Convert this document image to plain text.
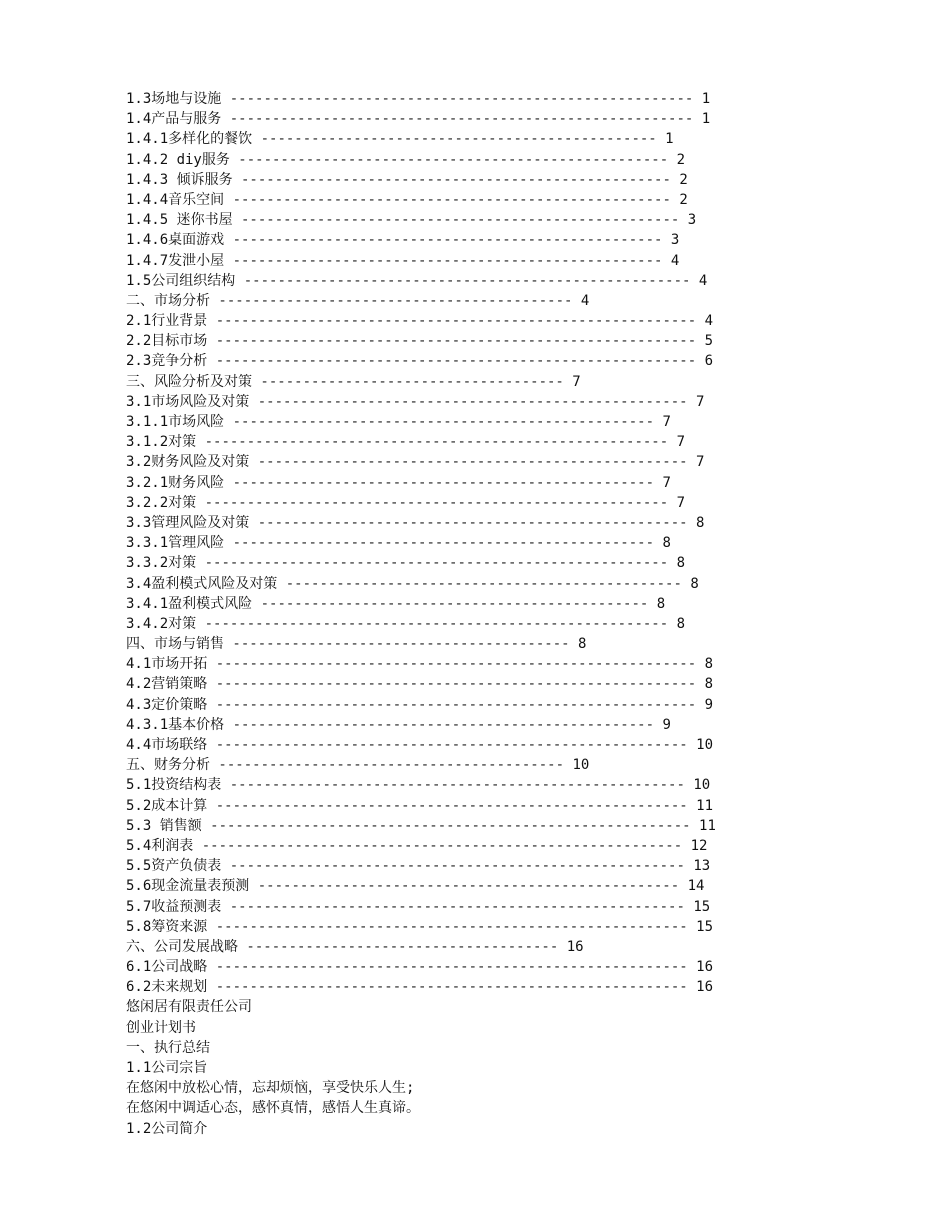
1.3场地与设施 ------------------------------------------------------- 1
1.4产品与服务 ------------------------------------------------------- 1
1.4.1多样化的餐饮 ----------------------------------------------- 1
1.4.2 diy服务 --------------------------------------------------- 2
1.4.3 倾诉服务 --------------------------------------------------- 2
1.4.4音乐空间 ---------------------------------------------------- 2
1.4.5 迷你书屋 ---------------------------------------------------- 3
1.4.6桌面游戏 --------------------------------------------------- 3
1.4.7发泄小屋 --------------------------------------------------- 4
1.5公司组织结构 ----------------------------------------------------- 4
二、市场分析 ------------------------------------------ 4
2.1行业背景 --------------------------------------------------------- 4
2.2目标市场 --------------------------------------------------------- 5
2.3竞争分析 --------------------------------------------------------- 6
三、风险分析及对策 ------------------------------------ 7
3.1市场风险及对策 --------------------------------------------------- 7
3.1.1市场风险 -------------------------------------------------- 7
3.1.2对策 ------------------------------------------------------- 7
3.2财务风险及对策 --------------------------------------------------- 7
3.2.1财务风险 -------------------------------------------------- 7
3.2.2对策 ------------------------------------------------------- 7
3.3管理风险及对策 --------------------------------------------------- 8
3.3.1管理风险 -------------------------------------------------- 8
3.3.2对策 ------------------------------------------------------- 8
3.4盈利模式风险及对策 ----------------------------------------------- 8
3.4.1盈利模式风险 ---------------------------------------------- 8
3.4.2对策 ------------------------------------------------------- 8
四、市场与销售 ---------------------------------------- 8
4.1市场开拓 --------------------------------------------------------- 8
4.2营销策略 --------------------------------------------------------- 8
4.3定价策略 --------------------------------------------------------- 9
4.3.1基本价格 -------------------------------------------------- 9
4.4市场联络 -------------------------------------------------------- 10
五、财务分析 ----------------------------------------- 10
5.1投资结构表 ------------------------------------------------------ 10
5.2成本计算 -------------------------------------------------------- 11
5.3 销售额 --------------------------------------------------------- 11
5.4利润表 --------------------------------------------------------- 12
5.5资产负债表 ------------------------------------------------------ 13
5.6现金流量表预测 -------------------------------------------------- 14
5.7收益预测表 ------------------------------------------------------ 15
5.8筹资来源 -------------------------------------------------------- 15
六、公司发展战略 ------------------------------------- 16
6.1公司战略 -------------------------------------------------------- 16
6.2未来规划 -------------------------------------------------------- 16
悠闲居有限责任公司
创业计划书
一、执行总结
1.1公司宗旨
在悠闲中放松心情，忘却烦恼，享受快乐人生;
在悠闲中调适心态，感怀真情，感悟人生真谛。
1.2公司简介
